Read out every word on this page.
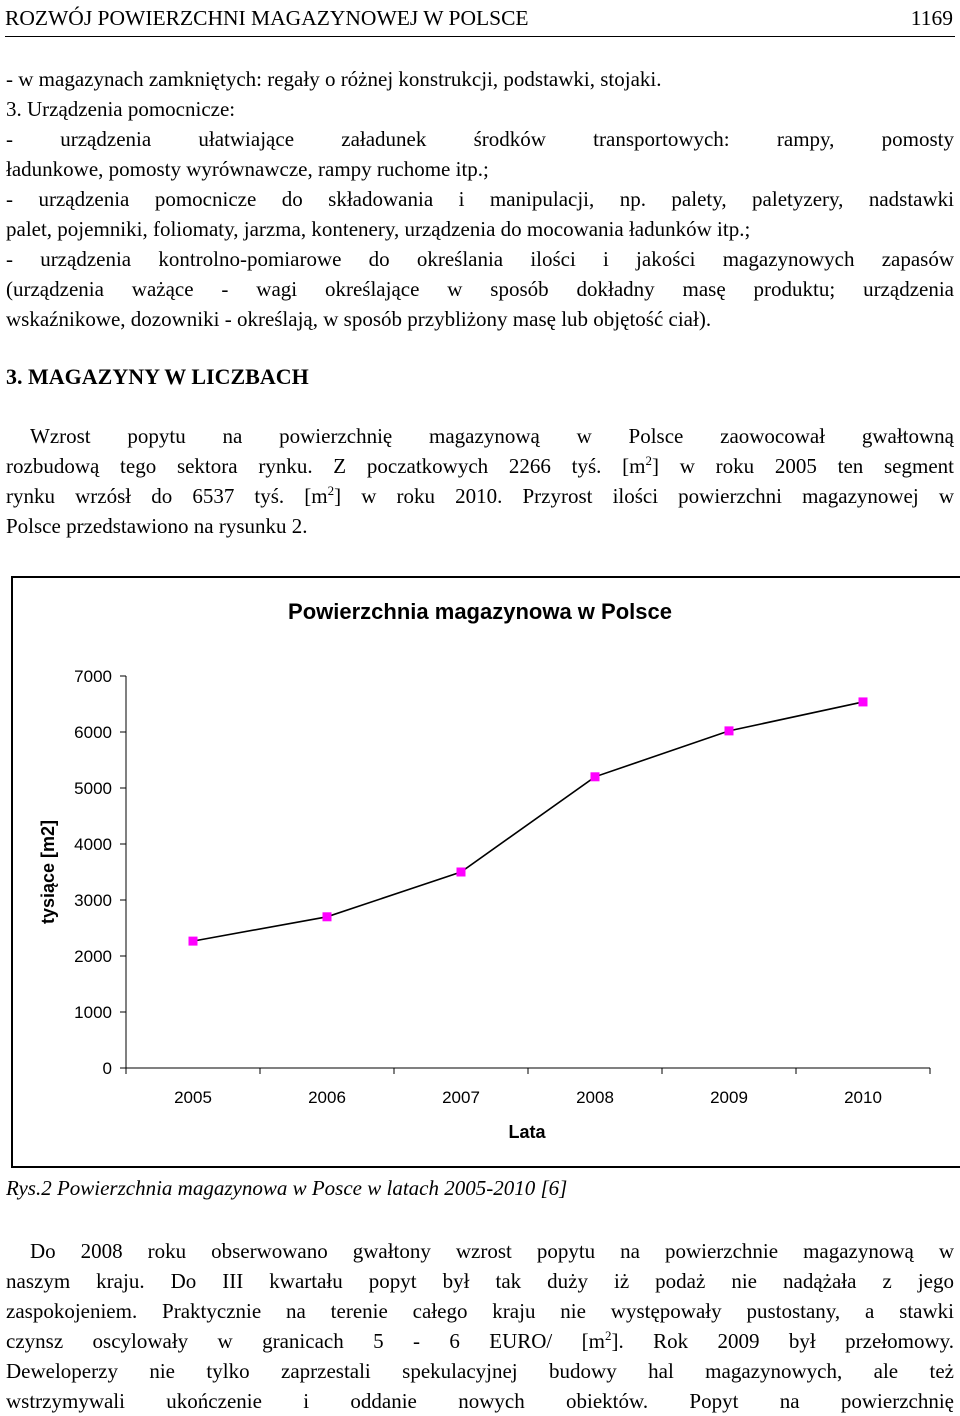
ROZWÓJ POWIERZCHNI MAGAZYNOWEJ W POLSCE	1169
- w magazynach zamkniętych: regały o różnej konstrukcji, podstawki, stojaki.
3. Urządzenia pomocnicze:
- urządzenia ułatwiające załadunek środków transportowych: rampy, pomosty
ładunkowe, pomosty wyrównawcze, rampy ruchome itp.;
- urządzenia pomocnicze do składowania i manipulacji, np. palety, paletyzery, nadstawki
palet, pojemniki, foliomaty, jarzma, kontenery, urządzenia do mocowania ładunków itp.;
- urządzenia kontrolno-pomiarowe do określania ilości i jakości magazynowych zapasów
(urządzenia ważące - wagi określające w sposób dokładny masę produktu; urządzenia
wskaźnikowe, dozowniki - określają, w sposób przybliżony masę lub objętość ciał).
3. MAGAZYNY W LICZBACH
Wzrost popytu na powierzchnię magazynową w Polsce zaowocował gwałtowną
rozbudową tego sektora rynku. Z poczatkowych 2266 tyś. $[m^2]$ w roku 2005 ten segment
rynku wrzósł do 6537 tyś. $[m^2]$ w roku 2010. Przyrost ilości powierzchni magazynowej w
Polsce przedstawiono na rysunku 2.
Powierzchnia magazynowa w Polsce
tysiące [m2]
Lata
0
1000
2000
3000
4000
5000
6000
7000
2005	2006	2007	2008	2009	2010
Rys.2 Powierzchnia magazynowa w Posce w latach 2005-2010 [6]
Do 2008 roku obserwowano gwałtony wzrost popytu na powierzchnie magazynową w
naszym kraju. Do III kwartału popyt był tak duży iż podaż nie nadążała z jego
zaspokojeniem. Praktycznie na terenie całego kraju nie występowały pustostany, a stawki
czynsz oscylowały w granicach 5 - 6 EURO/ $[m^2]$. Rok 2009 był przełomowy.
Deweloperzy nie tylko zaprzestali spekulacyjnej budowy hal magazynowych, ale też
wstrzymywali ukończenie i oddanie nowych obiektów. Popyt na powierzchnię
